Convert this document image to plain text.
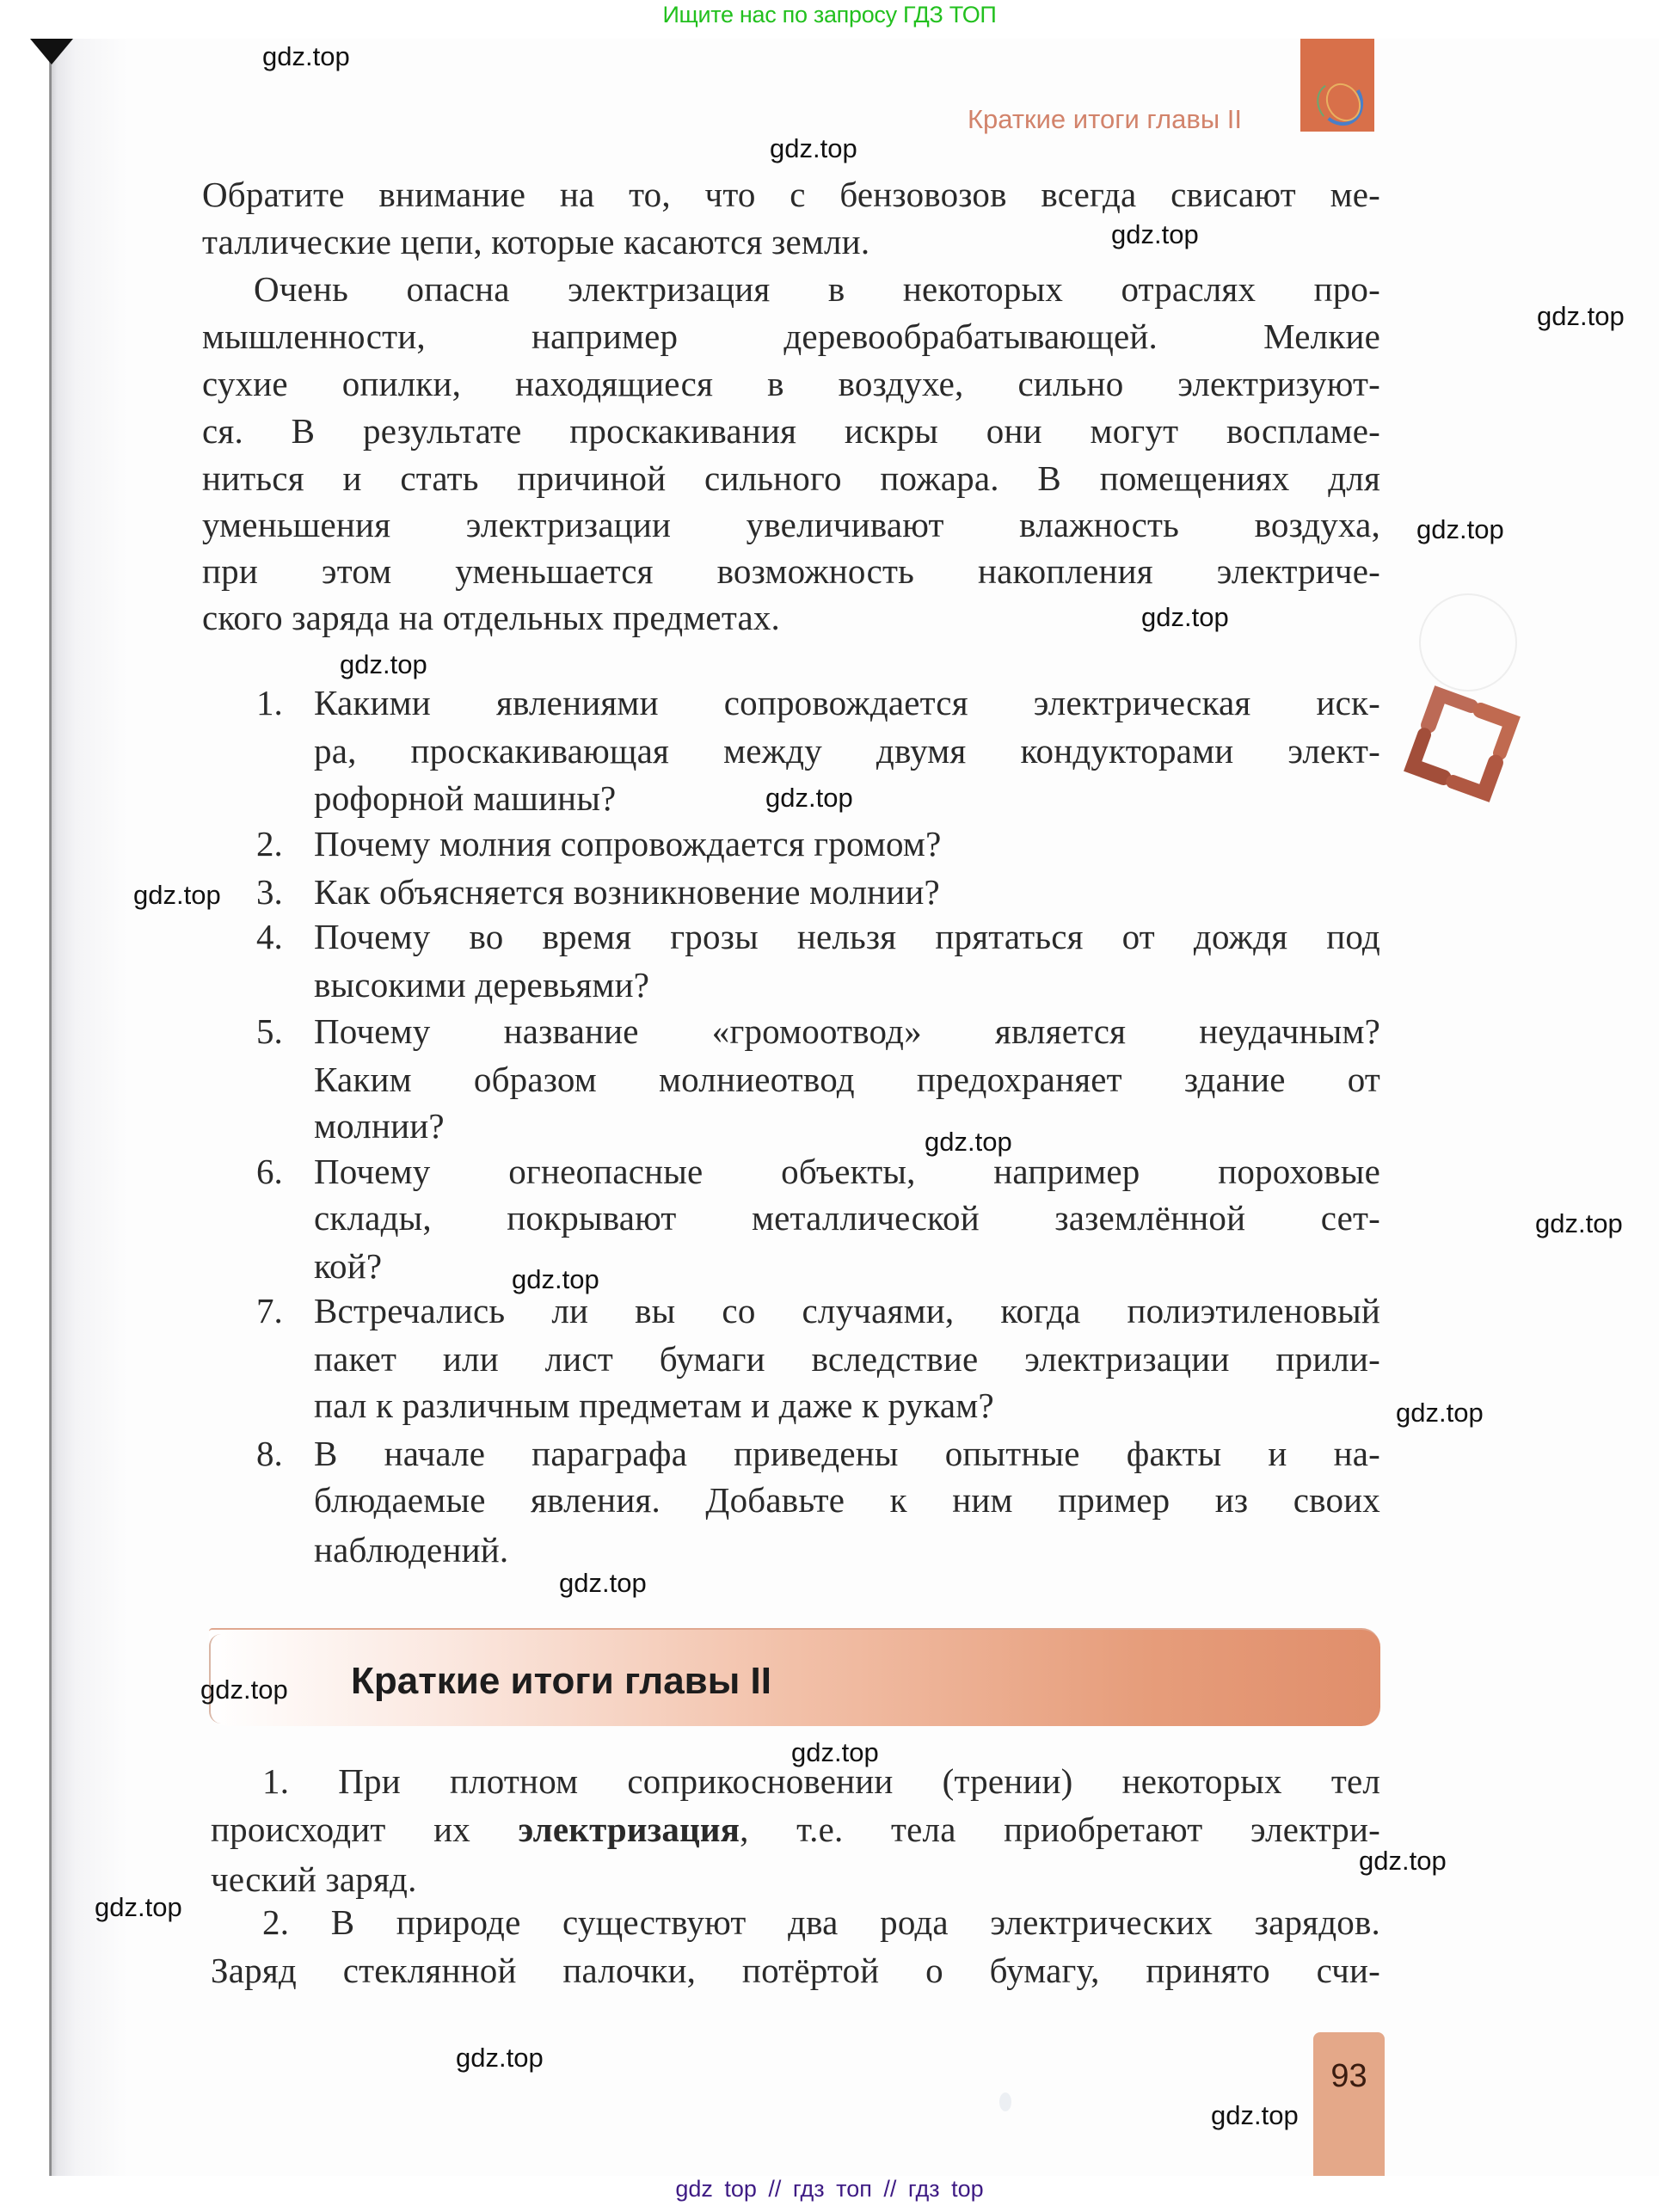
Ищите нас по запросу ГДЗ ТОП
Краткие итоги главы II
Обратите внимание на то, что с бензовозов всегда свисают ме-
таллические цепи, которые касаются земли.
Очень опасна электризация в некоторых отраслях про-
мышленности, например деревообрабатывающей. Мелкие
сухие опилки, находящиеся в воздухе, сильно электризуют-
ся. В результате проскакивания искры они могут воспламе-
ниться и стать причиной сильного пожара. В помещениях для
уменьшения электризации увеличивают влажность воздуха,
при этом уменьшается возможность накопления электриче-
ского заряда на отдельных предметах.
1. Какими явлениями сопровождается электрическая иск-
ра, проскакивающая между двумя кондукторами элект-
рофорной машины?
2. Почему молния сопровождается громом?
3. Как объясняется возникновение молнии?
4. Почему во время грозы нельзя прятаться от дождя под
высокими деревьями?
5. Почему название «громоотвод» является неудачным?
Каким образом молниеотвод предохраняет здание от
молнии?
6. Почему огнеопасные объекты, например пороховые
склады, покрывают металлической заземлённой сет-
кой?
7. Встречались ли вы со случаями, когда полиэтиленовый
пакет или лист бумаги вследствие электризации прили-
пал к различным предметам и даже к рукам?
8. В начале параграфа приведены опытные факты и на-
блюдаемые явления. Добавьте к ним пример из своих
наблюдений.
Краткие итоги главы II
1. При плотном соприкосновении (трении) некоторых тел
происходит их электризация, т.е. тела приобретают электри-
ческий заряд.
2. В природе существуют два рода электрических зарядов.
Заряд стеклянной палочки, потёртой о бумагу, принято счи-
93
gdz.top
gdz.top
gdz.top
gdz.top
gdz.top
gdz.top
gdz.top
gdz.top
gdz.top
gdz.top
gdz.top
gdz.top
gdz.top
gdz.top
gdz.top
gdz.top
gdz.top
gdz.top
gdz.top
gdz.top
gdz top // гдз топ // гдз top
